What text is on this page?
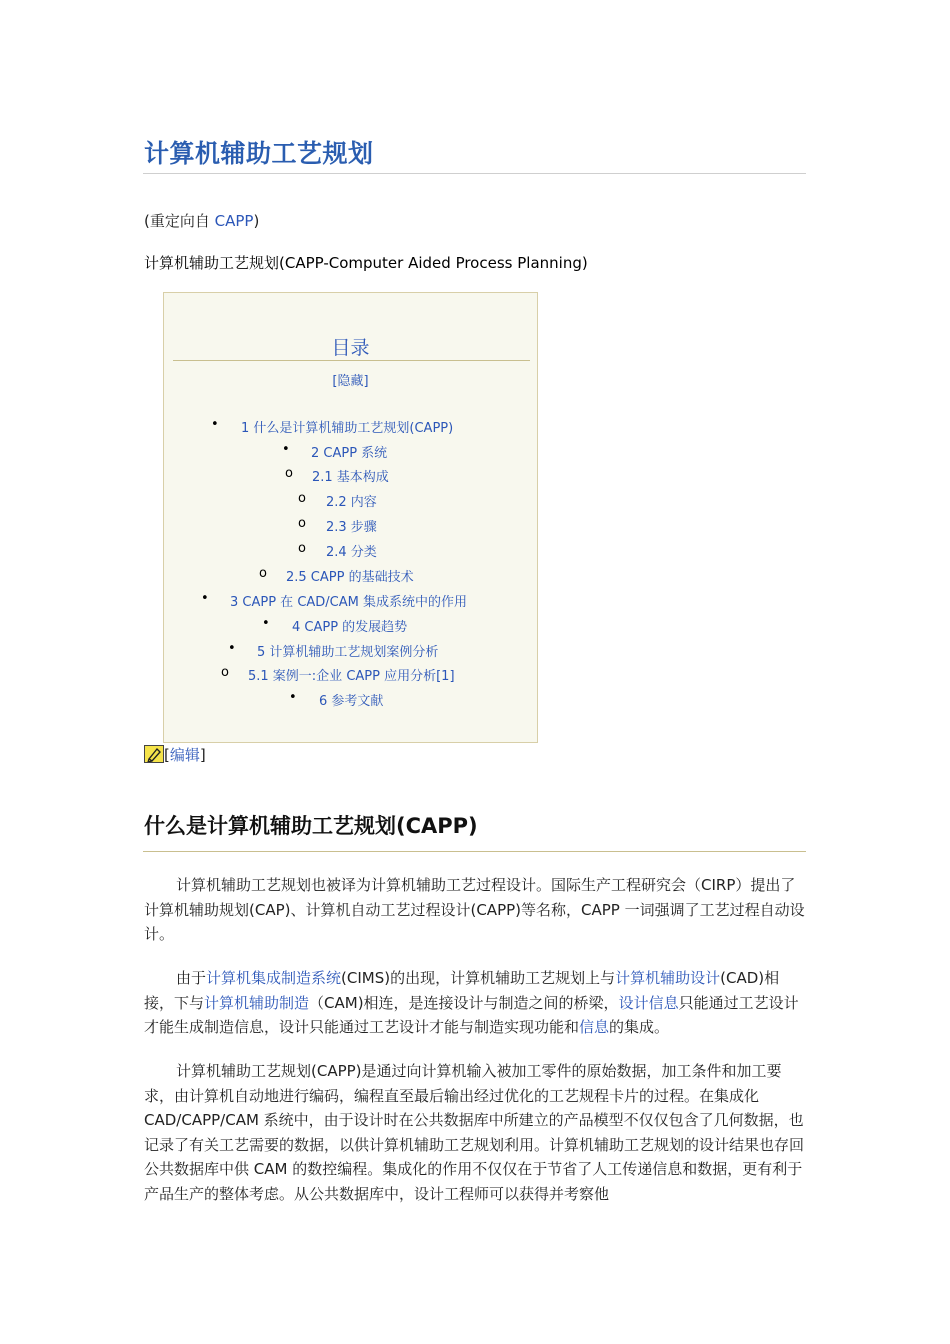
计算机辅助工艺规划
(重定向自 CAPP)
计算机辅助工艺规划(CAPP-Computer Aided Process Planning)
目录
[隐藏]
• 1 什么是计算机辅助工艺规划(CAPP)
• 2 CAPP 系统
o 2.1 基本构成
o 2.2 内容
o 2.3 步骤
o 2.4 分类
o 2.5 CAPP 的基础技术
• 3 CAPP 在 CAD/CAM 集成系统中的作用
• 4 CAPP 的发展趋势
• 5 计算机辅助工艺规划案例分析
o 5.1 案例一:企业 CAPP 应用分析[1]
• 6 参考文献
[编辑]
什么是计算机辅助工艺规划(CAPP)
计算机辅助工艺规划也被译为计算机辅助工艺过程设计。国际生产工程研究会（CIRP）提出了计算机辅助规划(CAP)、计算机自动工艺过程设计(CAPP)等名称，CAPP 一词强调了工艺过程自动设计。
由于计算机集成制造系统(CIMS)的出现，计算机辅助工艺规划上与计算机辅助设计(CAD)相接，下与计算机辅助制造（CAM)相连，是连接设计与制造之间的桥梁，设计信息只能通过工艺设计才能生成制造信息，设计只能通过工艺设计才能与制造实现功能和信息的集成。
计算机辅助工艺规划(CAPP)是通过向计算机输入被加工零件的原始数据，加工条件和加工要求，由计算机自动地进行编码，编程直至最后输出经过优化的工艺规程卡片的过程。在集成化 CAD/CAPP/CAM 系统中，由于设计时在公共数据库中所建立的产品模型不仅仅包含了几何数据，也记录了有关工艺需要的数据，以供计算机辅助工艺规划利用。计算机辅助工艺规划的设计结果也存回公共数据库中供 CAM 的数控编程。集成化的作用不仅仅在于节省了人工传递信息和数据，更有利于产品生产的整体考虑。从公共数据库中，设计工程师可以获得并考察他
